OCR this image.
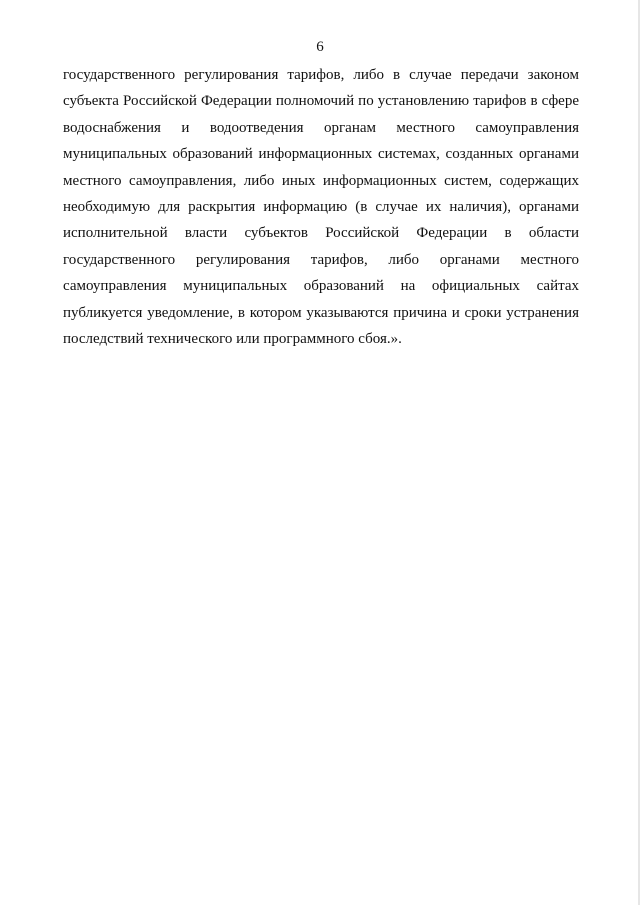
6
государственного регулирования тарифов, либо в случае передачи законом
субъекта Российской Федерации полномочий по установлению тарифов в сфере
водоснабжения и водоотведения органам местного самоуправления
муниципальных образований информационных системах, созданных органами
местного самоуправления, либо иных информационных систем, содержащих
необходимую для раскрытия информацию (в случае их наличия), органами
исполнительной власти субъектов Российской Федерации в области
государственного регулирования тарифов, либо органами местного
самоуправления муниципальных образований на официальных сайтах
публикуется уведомление, в котором указываются причина и сроки устранения
последствий технического или программного сбоя.».
